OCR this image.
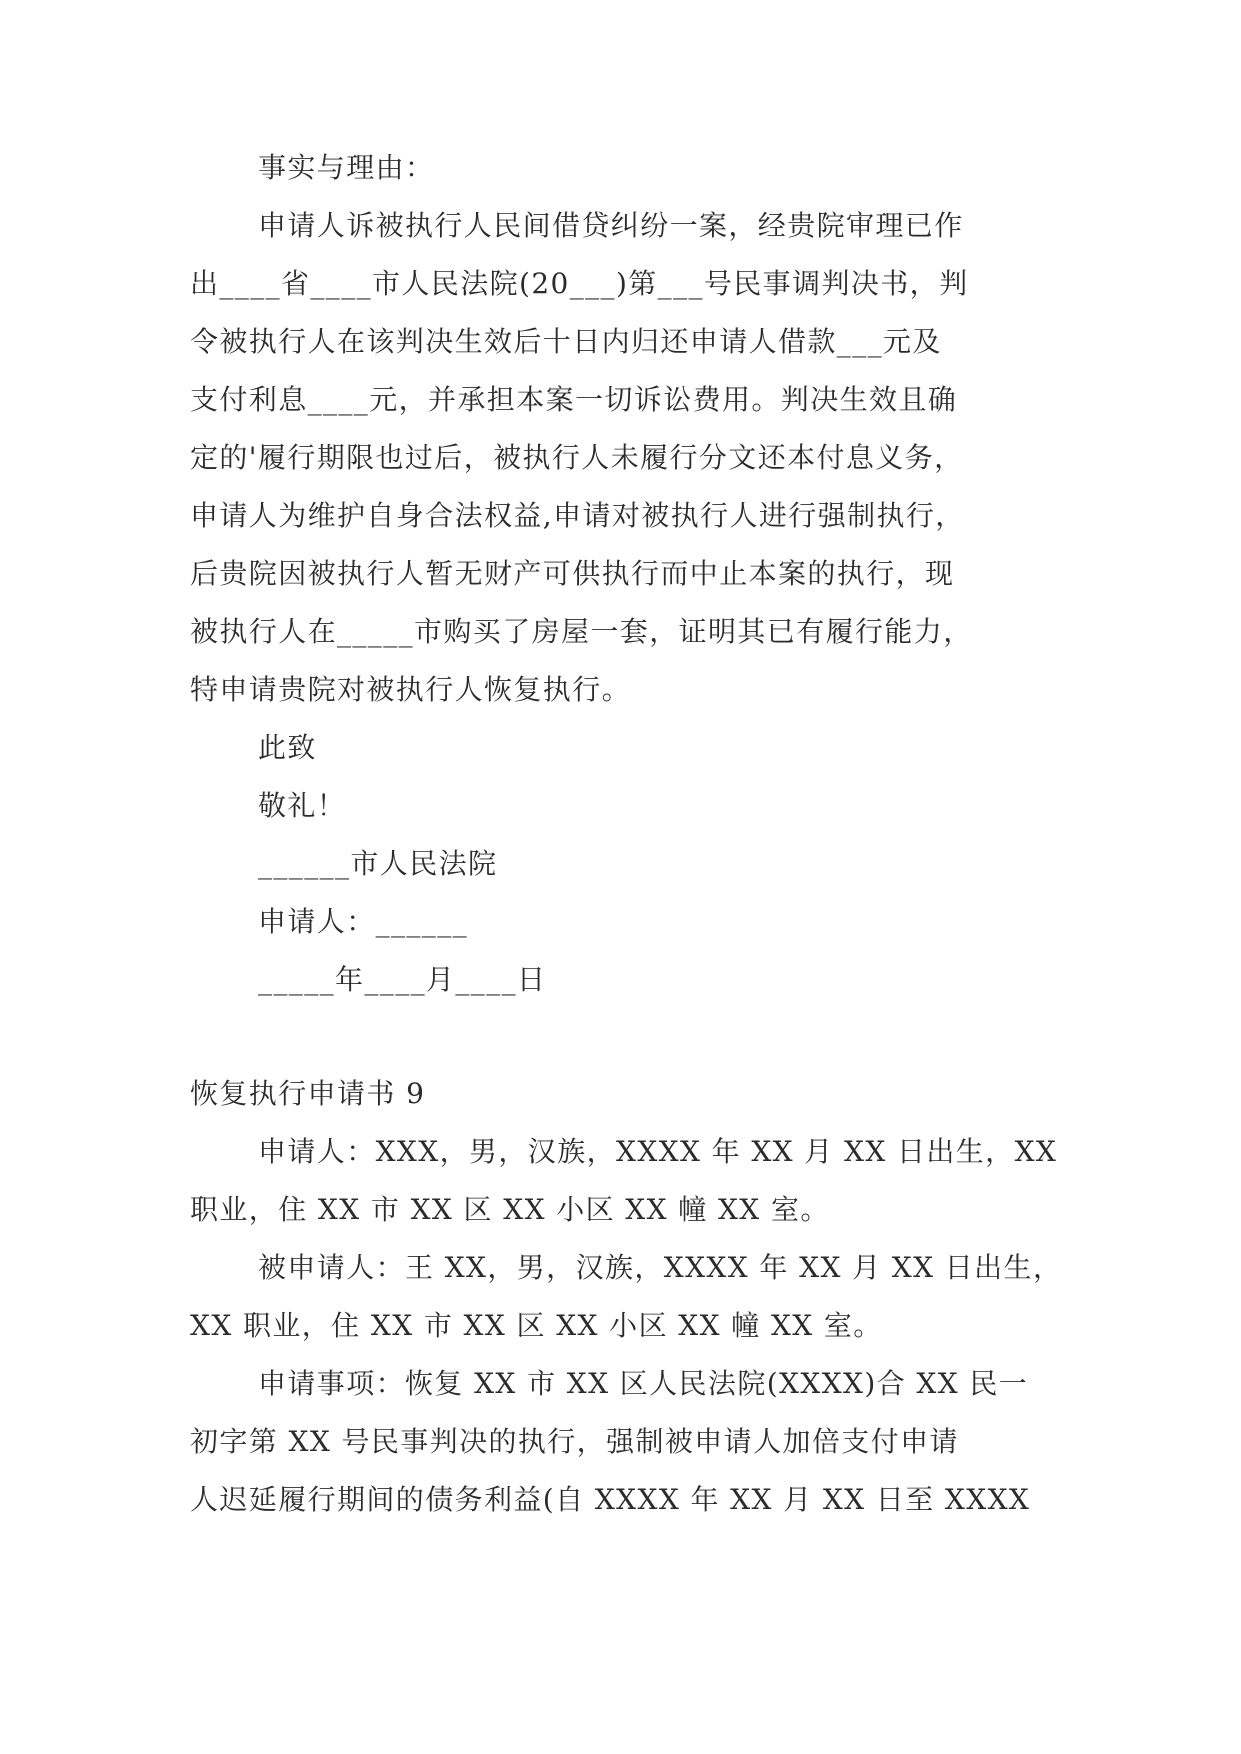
事实与理由：
申请人诉被执行人民间借贷纠纷一案，经贵院审理已作
出____省____市人民法院(20___)第___号民事调判决书，判
令被执行人在该判决生效后十日内归还申请人借款___元及
支付利息____元，并承担本案一切诉讼费用。判决生效且确
定的'履行期限也过后，被执行人未履行分文还本付息义务，
申请人为维护自身合法权益,申请对被执行人进行强制执行，
后贵院因被执行人暂无财产可供执行而中止本案的执行，现
被执行人在_____市购买了房屋一套，证明其已有履行能力，
特申请贵院对被执行人恢复执行。
此致
敬礼！
______市人民法院
申请人：______
_____年____月____日
恢复执行申请书 9
申请人：XXX，男，汉族，XXXX 年 XX 月 XX 日出生，XX
职业，住 XX 市 XX 区 XX 小区 XX 幢 XX 室。
被申请人：王 XX，男，汉族，XXXX 年 XX 月 XX 日出生，
XX 职业，住 XX 市 XX 区 XX 小区 XX 幢 XX 室。
申请事项：恢复 XX 市 XX 区人民法院(XXXX)合 XX 民一
初字第 XX 号民事判决的执行，强制被申请人加倍支付申请
人迟延履行期间的债务利益(自 XXXX 年 XX 月 XX 日至 XXXX
